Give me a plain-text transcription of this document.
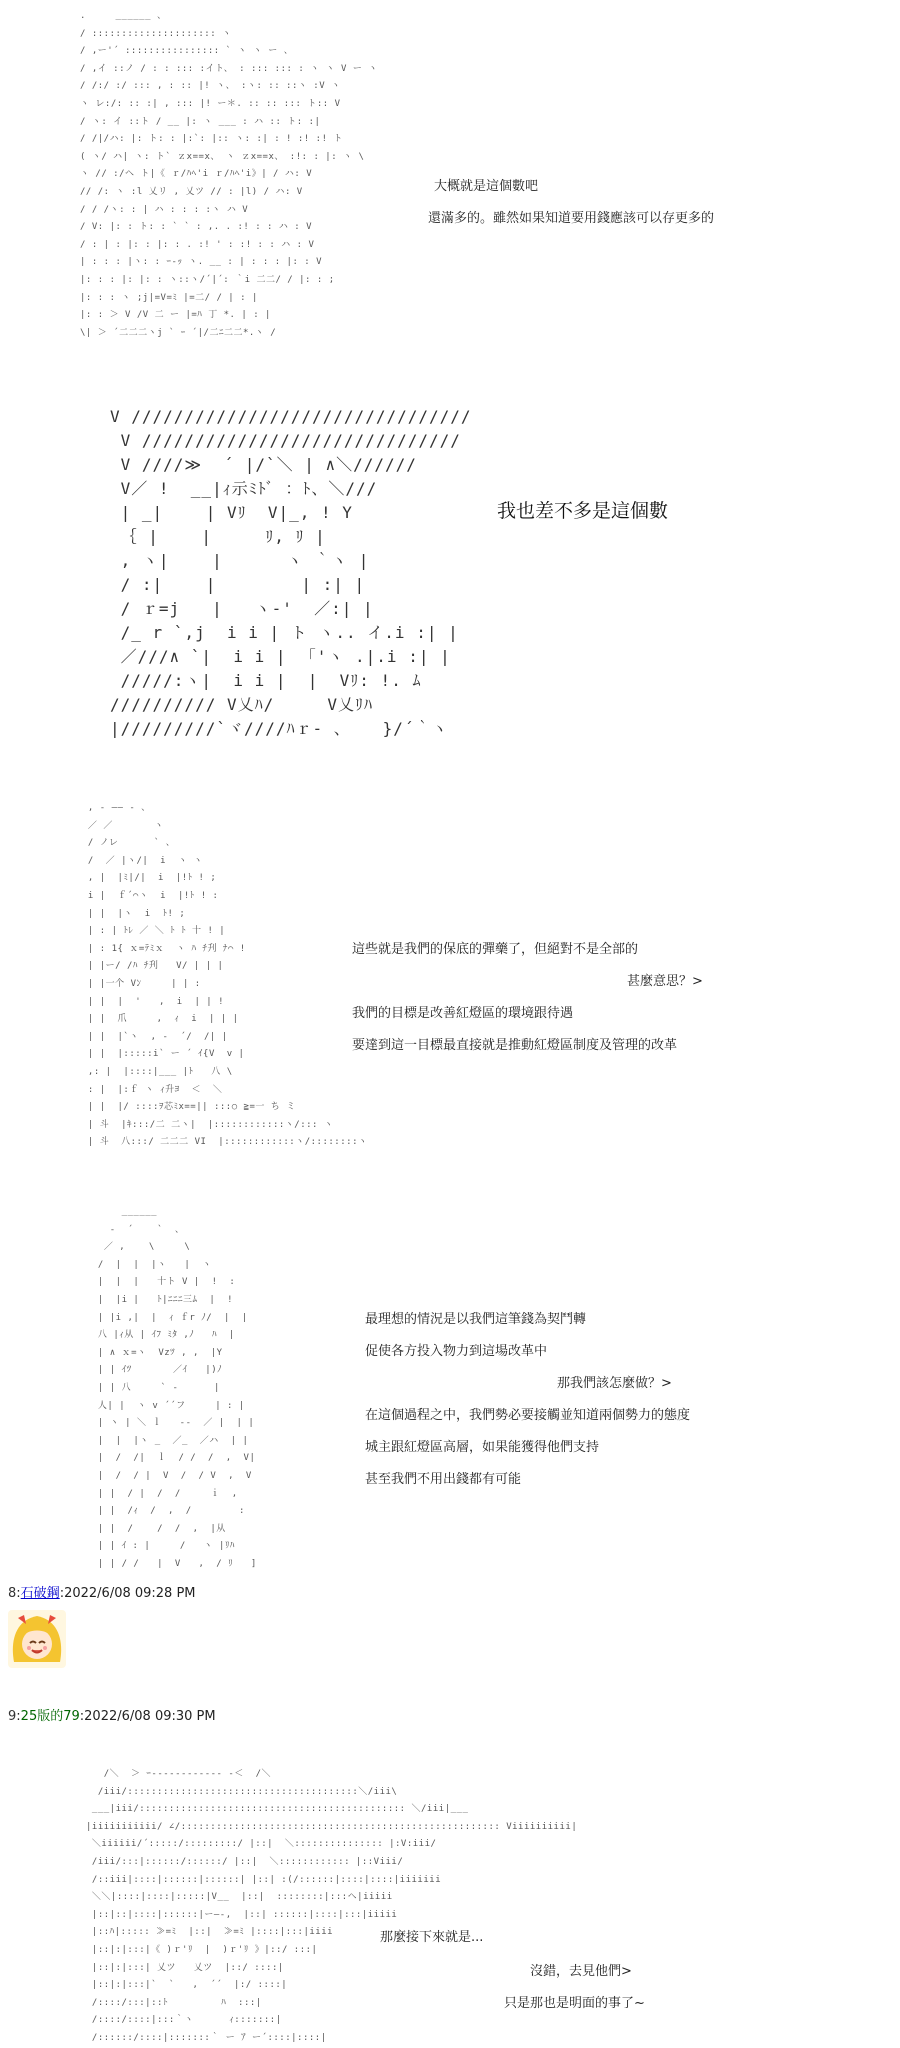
.     ______ 、
/ ::::::::::::::::::::: ヽ
/ ,ー'´ :::::::::::::::: ` ヽ ヽ ー 、
/ ,イ ::ノ / : : ::: :イト、 : ::: ::: : ヽ ヽ V ー ヽ
/ /:/ :/ ::: , : :: |! ヽ、 :ヽ: :: ::ヽ :V ヽ
ヽ レ:/: :: :| , ::: |! ー＊. :: :: ::: ト:: V
/ ヽ: イ ::ト / __ |: ヽ ___ : ハ :: ト: :|
/ /|/ハ: |: ト: : |:`: |:: ヽ: :| : ! :! :! ト
( ヽ/ ハ| ヽ: ト` ｚx==x、 ヽ ｚx==x、 :!: : |: ヽ \
ヽ // :/ヘ ト|《 ｒ/ﾊﾍ'i ｒ/ﾊﾍ'i》| / ハ: V
// /: ヽ :l 乂リ , 乂ツ // : |l) / ハ: V
/ / /ヽ: : | ハ : : : :ヽ ハ V
/ V: |: : ト: : ` ` : ,. . :! : : ハ : V
/ : | : |: : |: : . :! ' : :! : : ハ : V
| : : : |ヽ: : ｰ-ｯ ヽ. __ : | : : : |: : V
|: : : |: |: : ヽ::ヽ/´|´: ｀i 二二/ / |: : ;
|: : : ヽ ;j|=V=ﾐ |=二/ / | : |
|: : ＞ V /V 二 ー |=ﾊ 丁 *. | : |
\| ＞ ´二二二ヽj ` ｰ ´|/二ﾆ二二*.ヽ /
大概就是這個數吧
還滿多的。雖然如果知道要用錢應該可以存更多的
V ////////////////////////////////
V //////////////////////////////
V ////≫  ´ |/`＼ | ∧＼//////
V／ !  __|ｨ示ﾐﾄﾞ ：ﾄ、＼///
| _|    | Vﾘ  V|_, ! Y
｛ |    |     ﾘ, ﾘ |
, ヽ|    |      ヽ ｀ヽ |
/ :|    |        | :| |
/ ｒ=j   |   ヽ-'  ／:| |
/_ r `,j  i i | ト ヽ.. イ.i :| |
／///∧ `|  i i |  ｢'ヽ .|.i :| |
/////:ヽ|  i i |  |  Vﾘ: !. ﾑ
////////// V乂ﾊ/     V乂ﾘﾊ
|/////////`ヾ////ﾊｒ- 、   }/´｀ヽ
我也差不多是這個數
, - ―― - 、
／ ／       ヽ
/ ノレ      ` 、
/  ／ |ヽ/|  i  ヽ ヽ
, |  |ﾐ|/|  i  |!ﾄ ! ;
i |  ｆ´⌒ヽ  i  |!ﾄ ! :
| |  |ヽ  i  ﾄ! ;
| : | ﾄﾚ ／ ＼ ﾄ ﾄ 十 ! |
| : 1{ ｘ=ﾃﾐｘ  ヽ ﾊ ﾁ刋 ﾅ⌒ !
| |ー/ /ﾊ ﾁ刋   V/ | | |
| |一个 Vﾝ     | | :
| |  |  '   ,  i  | | !
| |  爪     ,  ｨ  i  | | |
| |  |`ヽ  , ‐  ´/  /| |
| |  |:::::i` ー ´ ｲ{V  v |
,: |  |::::|___ |ﾄ   八 \
: |  |:ｆ ヽ ｨ升ﾖ  ＜  ＼
| |  |/ ::::ｦ芯ﾐx==|| :::○ ≧=一 ち ミ
| 斗  |ｷ:::/二 二ヽ|  |::::::::::::ヽ/::: ヽ
| 斗  八:::/ 二二二 VI  |::::::::::::ヽ/::::::::ヽ
這些就是我們的保底的彈藥了，但絕對不是全部的
甚麼意思？>
我們的目標是改善紅燈區的環境跟待遇
要達到這一目標最直接就是推動紅燈區制度及管理的改革
______
-  ´    `  、
／ ,    \     \
/  |  |  |ヽ   |  ヽ
|  |  |   十ト V |  !  :
|  |i |   ﾄ|ﾆﾆﾆ三ﾑ  |  !
| |i ,|  |  ｨ ｆr ﾉ/  |  |
八 |ｨ从 | ｲﾌ ﾐﾀ ,ﾉ   ﾊ  |
| ∧ ｘ=ヽ  Vzﾂ , ,  |Y
| | ｲﾂ       ／ｲ   |)ﾉ
| | 八     ` -      |
人| |  ヽ v ´´フ     | : |
| ヽ | ＼ ｌ   ‐‐  ／ |  | |
|  |  |ヽ _  ／_  ／ハ  | |
|  /  /|  ｌ  / /  /  ,  V|
|  /  / |  V  /  / V  ,  V
| |  / |  /  /     ｉ  ,
| |  /ｨ  /  ,  /        :
| |  /    /  /  ,  |从
| | ｲ : |     /   ヽ |ﾘﾊ
| | / /   |  V   ,  / ﾘ   ]
最理想的情況是以我們這筆錢為契鬥轉
促使各方投入物力到這場改革中
那我們該怎麼做？>
在這個過程之中，我們勢必要接觸並知道兩個勢力的態度
城主跟紅燈區高層，如果能獲得他們支持
甚至我們不用出錢都有可能
8:石破鋼:2022/6/08 09:28 PM
9:25版的79:2022/6/08 09:30 PM
/＼  ＞ ｰ‐‐‐‐‐‐‐‐‐‐‐‐ ‐＜  /＼
/iii/:::::::::::::::::::::::::::::::::::::::＼/iii\
___|iii/::::::::::::::::::::::::::::::::::::::::::::: ＼/iii|___
|iiiiiiiiiii/ ∠/:::::::::::::::::::::::::::::::::::::::::::::::::::::: Viiiiiiiiii|
＼iiiiii/´:::::/:::::::::/ |::|  ＼::::::::::::::: |:V:iii/
/iii/:::|::::::/::::::/ |::|  ＼:::::::::::: |::Viii/
/::iii|::::|::::::|::::::| |::| :(/::::::|::::|::::|iiiiiii
＼＼|::::|::::|:::::|V__  |::|  ::::::::|:::ヘ|iiiii
|::|::|::::|::::::|ー―-,  |::| ::::::|::::|:::|iiiii
|::ﾊ|::::: ≫=ﾐ  |::|  ≫=ﾐ |::::|:::|iiii
|::|:|:::|《 )ｒ'ﾘ  |  )ｒ'ﾘ 》|::/ :::|
|::|:|:::| 乂ツ   乂ツ  |::/ ::::|
|::|:|:::|`  `   ,  ´´  |:/ ::::|
/::::/:::|::ﾄ         ﾊ  :::|
/::::/::::|:::｀ヽ      ｨ:::::::|
/::::::/::::|:::::::｀ ー ｱ ー´::::|::::|
那麼接下來就是...
沒錯，去見他們>
只是那也是明面的事了~
